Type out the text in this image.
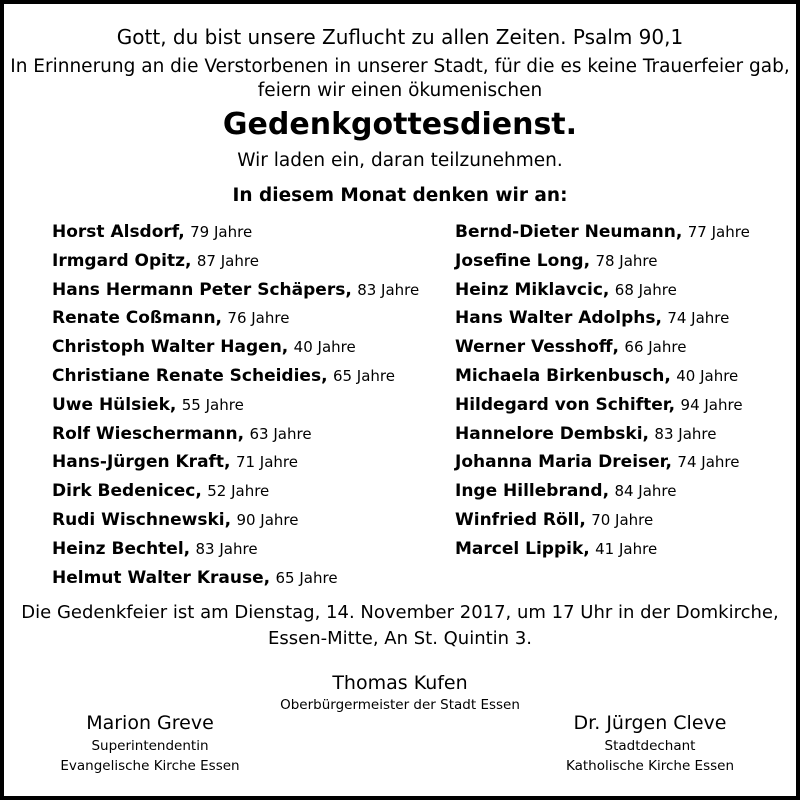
Gott, du bist unsere Zuflucht zu allen Zeiten. Psalm 90,1
In Erinnerung an die Verstorbenen in unserer Stadt, für die es keine Trauerfeier gab,
feiern wir einen ökumenischen
Gedenkgottesdienst.
Wir laden ein, daran teilzunehmen.
In diesem Monat denken wir an:
Horst Alsdorf, 79 Jahre
Irmgard Opitz, 87 Jahre
Hans Hermann Peter Schäpers, 83 Jahre
Renate Coßmann, 76 Jahre
Christoph Walter Hagen, 40 Jahre
Christiane Renate Scheidies, 65 Jahre
Uwe Hülsiek, 55 Jahre
Rolf Wieschermann, 63 Jahre
Hans-Jürgen Kraft, 71 Jahre
Dirk Bedenicec, 52 Jahre
Rudi Wischnewski, 90 Jahre
Heinz Bechtel, 83 Jahre
Helmut Walter Krause, 65 Jahre
Bernd-Dieter Neumann, 77 Jahre
Josefine Long, 78 Jahre
Heinz Miklavcic, 68 Jahre
Hans Walter Adolphs, 74 Jahre
Werner Vesshoff, 66 Jahre
Michaela Birkenbusch, 40 Jahre
Hildegard von Schifter, 94 Jahre
Hannelore Dembski, 83 Jahre
Johanna Maria Dreiser, 74 Jahre
Inge Hillebrand, 84 Jahre
Winfried Röll, 70 Jahre
Marcel Lippik, 41 Jahre
Die Gedenkfeier ist am Dienstag, 14. November 2017, um 17 Uhr in der Domkirche,
Essen-Mitte, An St. Quintin 3.
Thomas Kufen
Oberbürgermeister der Stadt Essen
Marion Greve
Superintendentin
Evangelische Kirche Essen
Dr. Jürgen Cleve
Stadtdechant
Katholische Kirche Essen
